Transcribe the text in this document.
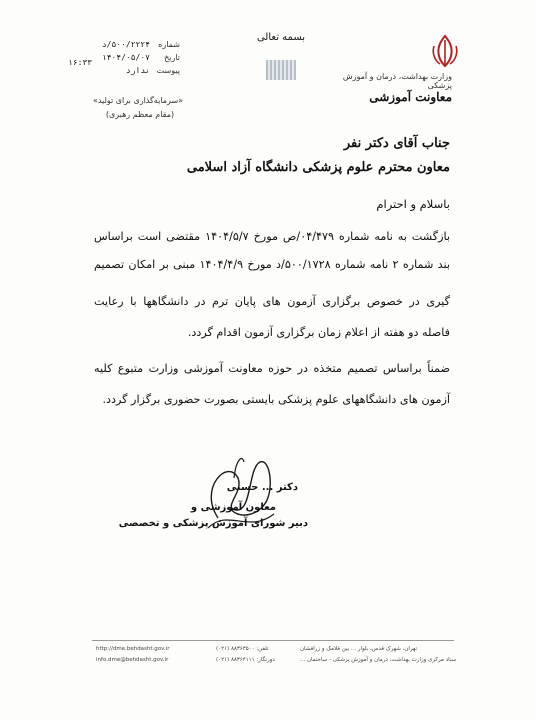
وزارت بهداشت، درمان و آموزش پزشکی
معاونت آموزشی
بسمه تعالی
شماره
۵۰۰/۲۲۲۴/د
تاریخ
۱۴۰۴/۰۵/۰۷
پیوست
ندارد
۱۶:۳۳
«سرمایه‌گذاری برای تولید»
(مقام معظم رهبری)
جناب آقای دکتر نفر
معاون محترم علوم پزشکی دانشگاه آزاد اسلامی
باسلام و احترام
بازگشت به نامه شماره ۰۴/۴۷۹/ص مورخ ۱۴۰۴/۵/۷ مقتضی است براساس
بند شماره ۲ نامه شماره ۵۰۰/۱۷۲۸/د مورخ ۱۴۰۴/۴/۹ مبنی بر امکان تصمیم
گیری در خصوص برگزاری آزمون های پایان ترم در دانشگاهها با رعایت
فاصله دو هفته از اعلام زمان برگزاری آزمون اقدام گردد.
ضمناً براساس تصمیم متخذه در حوزه معاونت آموزشی وزارت متبوع کلیه
آزمون های دانشگاههای علوم پزشکی بایستی بصورت حضوری برگزار گردد.
دکتر ... حسنی
معاون آموزشی و
دبیر شورای آموزش پزشکی و تخصصی
http://dme.behdasht.gov.ir
info.dme@behdasht.gov.ir
تلفن: ۸۸۳۶۳۵۰۰ (۰۲۱)
دورنگار: ۸۸۳۶۴۱۱۱ (۰۲۱)
تهران، شهرک قدس، بلوار ... بین فلامک و زرافشان
ستاد مرکزی وزارت بهداشت، درمان و آموزش پزشکی - ساختمان ...
